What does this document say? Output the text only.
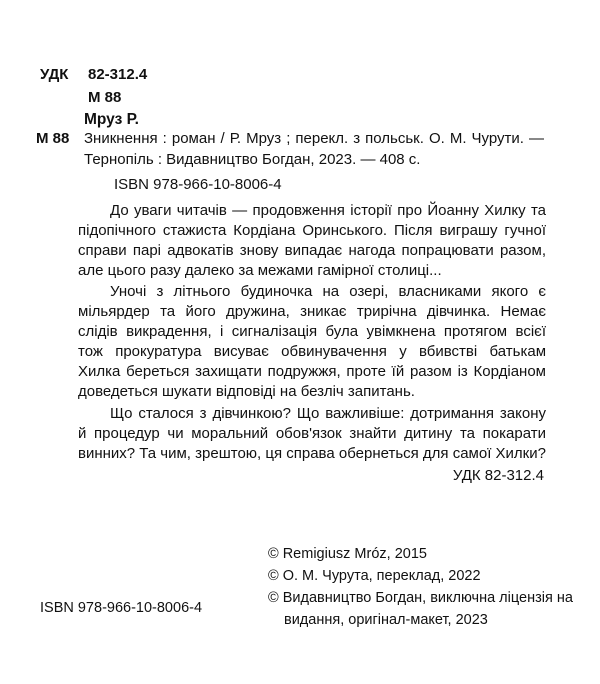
УДК 82-312.4
М 88
Мруз Р.
М 88 Зникнення : роман / Р. Мруз ; перекл. з польськ. О. М. Чурути. —
Тернопіль : Видавництво Богдан, 2023. — 408 с.
ISBN 978-966-10-8006-4
До уваги читачів — продовження історії про Йоанну Хилку та
підопічного стажиста Кордіана Оринського. Після виграшу гучної
справи парі адвокатів знову випадає нагода попрацювати разом,
але цього разу далеко за межами гамірної столиці...
Уночі з літнього будиночка на озері, власниками якого є
мільярдер та його дружина, зникає трирічна дівчинка. Немає
слідів викрадення, і сигналізація була увімкнена протягом всієї
тож прокуратура висуває обвинувачення у вбивстві батькам
Хилка береться захищати подружжя, проте їй разом із Кордіаном
доведеться шукати відповіді на безліч запитань.
Що сталося з дівчинкою? Що важливіше: дотримання закону
й процедур чи моральний обов'язок знайти дитину та покарати
винних? Та чим, зрештою, ця справа обернеться для самої Хилки?
УДК 82-312.4
© Remigiusz Mróz, 2015
© О. М. Чурута, переклад, 2022
© Видавництво Богдан, виключна ліцензія на
видання, оригінал-макет, 2023
ISBN 978-966-10-8006-4
